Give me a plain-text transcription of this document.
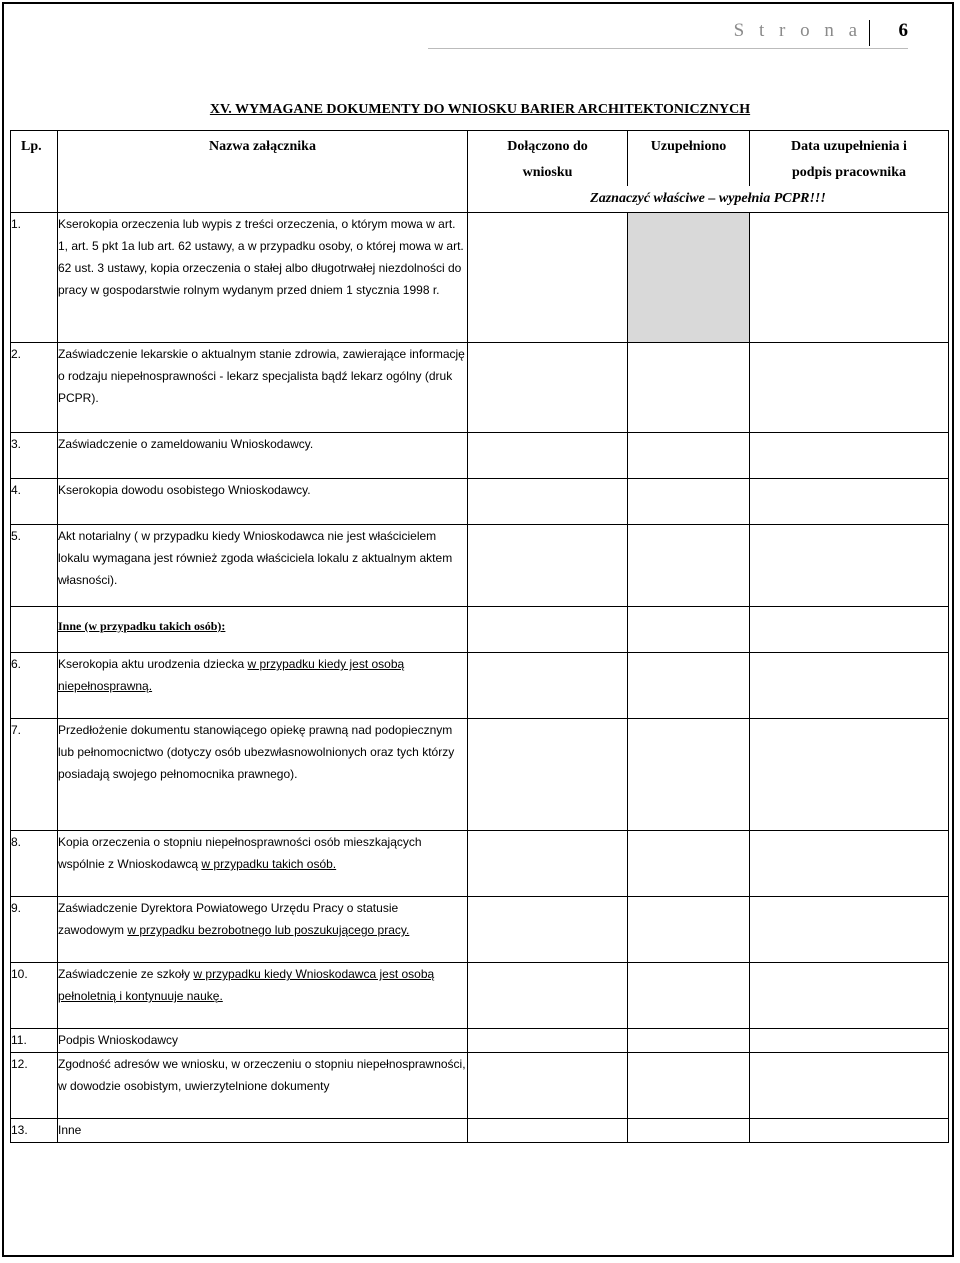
S t r o n a 6
XV. WYMAGANE DOKUMENTY DO WNIOSKU BARIER ARCHITEKTONICZNYCH
Lp.	Nazwa załącznika	Dołączono do wniosku	Uzupełniono	Data uzupełnienia i podpis pracownika
		Zaznaczyć właściwe – wypełnia PCPR!!!		
1.	Kserokopia orzeczenia lub wypis z treści orzeczenia, o którym mowa w art. 1, art. 5 pkt 1a lub art. 62 ustawy, a w przypadku osoby, o której mowa w art. 62 ust. 3 ustawy, kopia orzeczenia o stałej albo długotrwałej niezdolności do pracy w gospodarstwie rolnym wydanym przed dniem 1 stycznia 1998 r.			
2.	Zaświadczenie lekarskie o aktualnym stanie zdrowia, zawierające informację o rodzaju niepełnosprawności - lekarz specjalista bądź lekarz ogólny (druk PCPR).			
3.	Zaświadczenie o zameldowaniu Wnioskodawcy.			
4.	Kserokopia dowodu osobistego Wnioskodawcy.			
5.	Akt notarialny ( w przypadku kiedy Wnioskodawca nie jest właścicielem lokalu wymagana jest również zgoda właściciela lokalu z aktualnym aktem własności).			
	Inne (w przypadku takich osób):			
6.	Kserokopia aktu urodzenia dziecka w przypadku kiedy jest osobą niepełnosprawną.			
7.	Przedłożenie dokumentu stanowiącego opiekę prawną nad podopiecznym lub pełnomocnictwo (dotyczy osób ubezwłasnowolnionych oraz tych którzy posiadają swojego pełnomocnika prawnego).			
8.	Kopia orzeczenia o stopniu niepełnosprawności osób mieszkających wspólnie z Wnioskodawcą w przypadku takich osób.			
9.	Zaświadczenie Dyrektora Powiatowego Urzędu Pracy o statusie zawodowym w przypadku bezrobotnego lub poszukującego pracy.			
10.	Zaświadczenie ze szkoły w przypadku kiedy Wnioskodawca jest osobą pełnoletnią i kontynuuje naukę.			
11.	Podpis Wnioskodawcy			
12.	Zgodność adresów we wniosku, w orzeczeniu o stopniu niepełnosprawności, w dowodzie osobistym, uwierzytelnione dokumenty			
13.	Inne			
